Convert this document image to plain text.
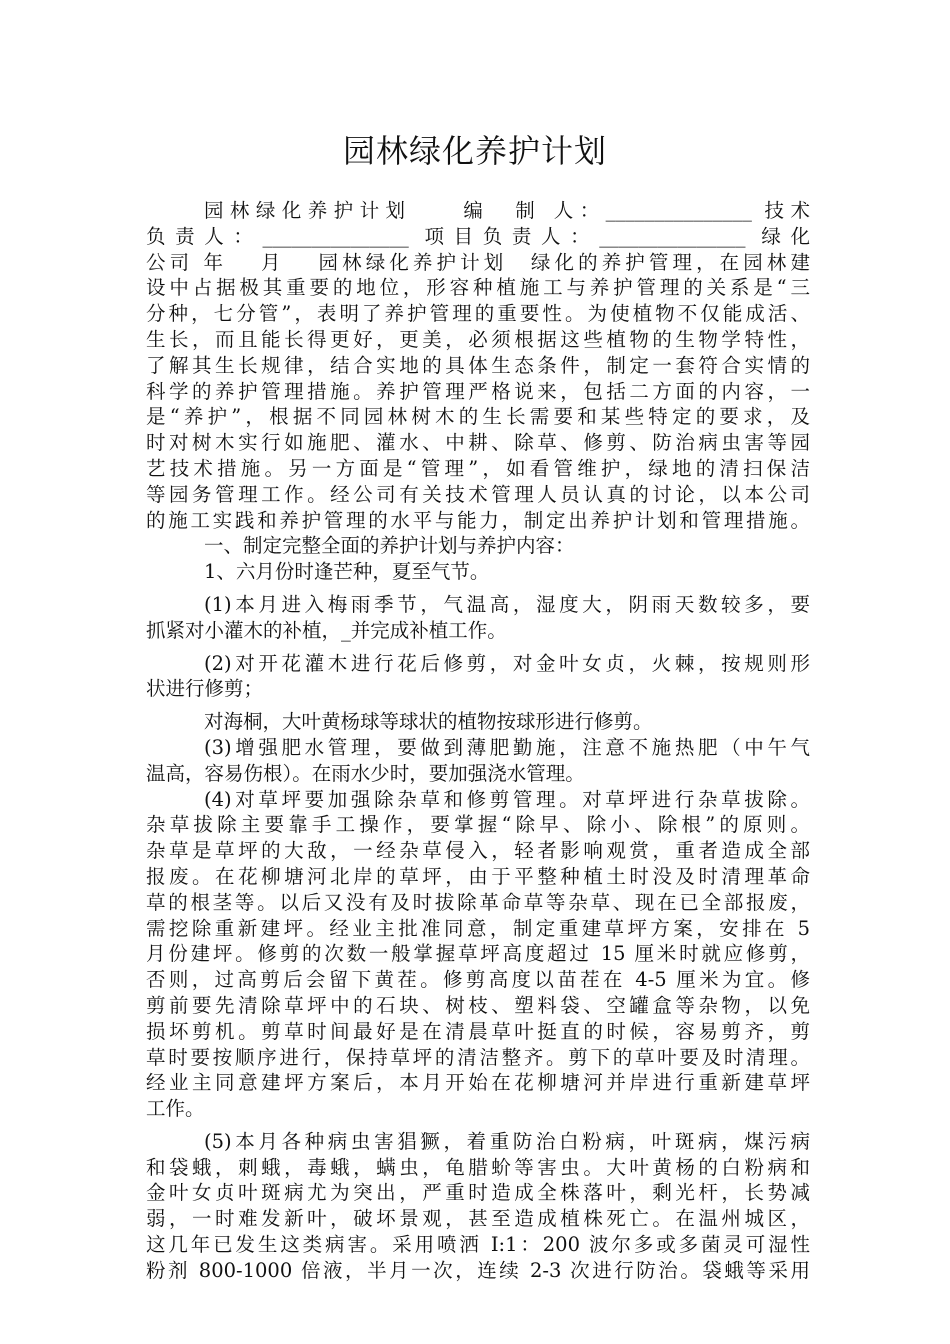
园林绿化养护计划
园林绿化养护计划　　编　制 人：_______________ 技术
负责人：_______________ 项目负责人：_______________ 绿化
公司 年　 月　 园林绿化养护计划　绿化的养护管理，在园林建
设中占据极其重要的地位，形容种植施工与养护管理的关系是“三
分种，七分管”，表明了养护管理的重要性。为使植物不仅能成活、
生长，而且能长得更好，更美，必须根据这些植物的生物学特性，
了解其生长规律，结合实地的具体生态条件，制定一套符合实情的
科学的养护管理措施。养护管理严格说来，包括二方面的内容，一
是“养护”，根据不同园林树木的生长需要和某些特定的要求，及
时对树木实行如施肥、灌水、中耕、除草、修剪、防治病虫害等园
艺技术措施。另一方面是“管理”，如看管维护，绿地的清扫保洁
等园务管理工作。经公司有关技术管理人员认真的讨论，以本公司
的施工实践和养护管理的水平与能力，制定出养护计划和管理措施。
一、制定完整全面的养护计划与养护内容：
1、六月份时逢芒种，夏至气节。
(1)本月进入梅雨季节，气温高，湿度大，阴雨天数较多，要
抓紧对小灌木的补植，_并完成补植工作。
(2)对开花灌木进行花后修剪，对金叶女贞，火棘，按规则形
状进行修剪；
对海桐，大叶黄杨球等球状的植物按球形进行修剪。
(3)增强肥水管理，要做到薄肥勤施，注意不施热肥（中午气
温高，容易伤根）。在雨水少时，要加强浇水管理。
(4)对草坪要加强除杂草和修剪管理。对草坪进行杂草拔除。
杂草拔除主要靠手工操作，要掌握“除早、除小、除根”的原则。
杂草是草坪的大敌，一经杂草侵入，轻者影响观赏，重者造成全部
报废。在花柳塘河北岸的草坪，由于平整种植土时没及时清理革命
草的根茎等。以后又没有及时拔除革命草等杂草、现在已全部报废，
需挖除重新建坪。经业主批准同意，制定重建草坪方案，安排在 5
月份建坪。修剪的次数一般掌握草坪高度超过 15 厘米时就应修剪，
否则，过高剪后会留下黄茬。修剪高度以苗茬在 4-5 厘米为宜。修
剪前要先清除草坪中的石块、树枝、塑料袋、空罐盒等杂物，以免
损坏剪机。剪草时间最好是在清晨草叶挺直的时候，容易剪齐，剪
草时要按顺序进行，保持草坪的清洁整齐。剪下的草叶要及时清理。
经业主同意建坪方案后，本月开始在花柳塘河并岸进行重新建草坪
工作。
(5)本月各种病虫害猖獗，着重防治白粉病，叶斑病，煤污病
和袋蛾，刺蛾，毒蛾，螨虫，龟腊蚧等害虫。大叶黄杨的白粉病和
金叶女贞叶斑病尤为突出，严重时造成全株落叶，剩光杆，长势减
弱，一时难发新叶，破坏景观，甚至造成植株死亡。在温州城区，
这几年已发生这类病害。采用喷洒 I:1：200 波尔多或多菌灵可湿性
粉剂 800-1000 倍液，半月一次，连续 2-3 次进行防治。袋蛾等采用
